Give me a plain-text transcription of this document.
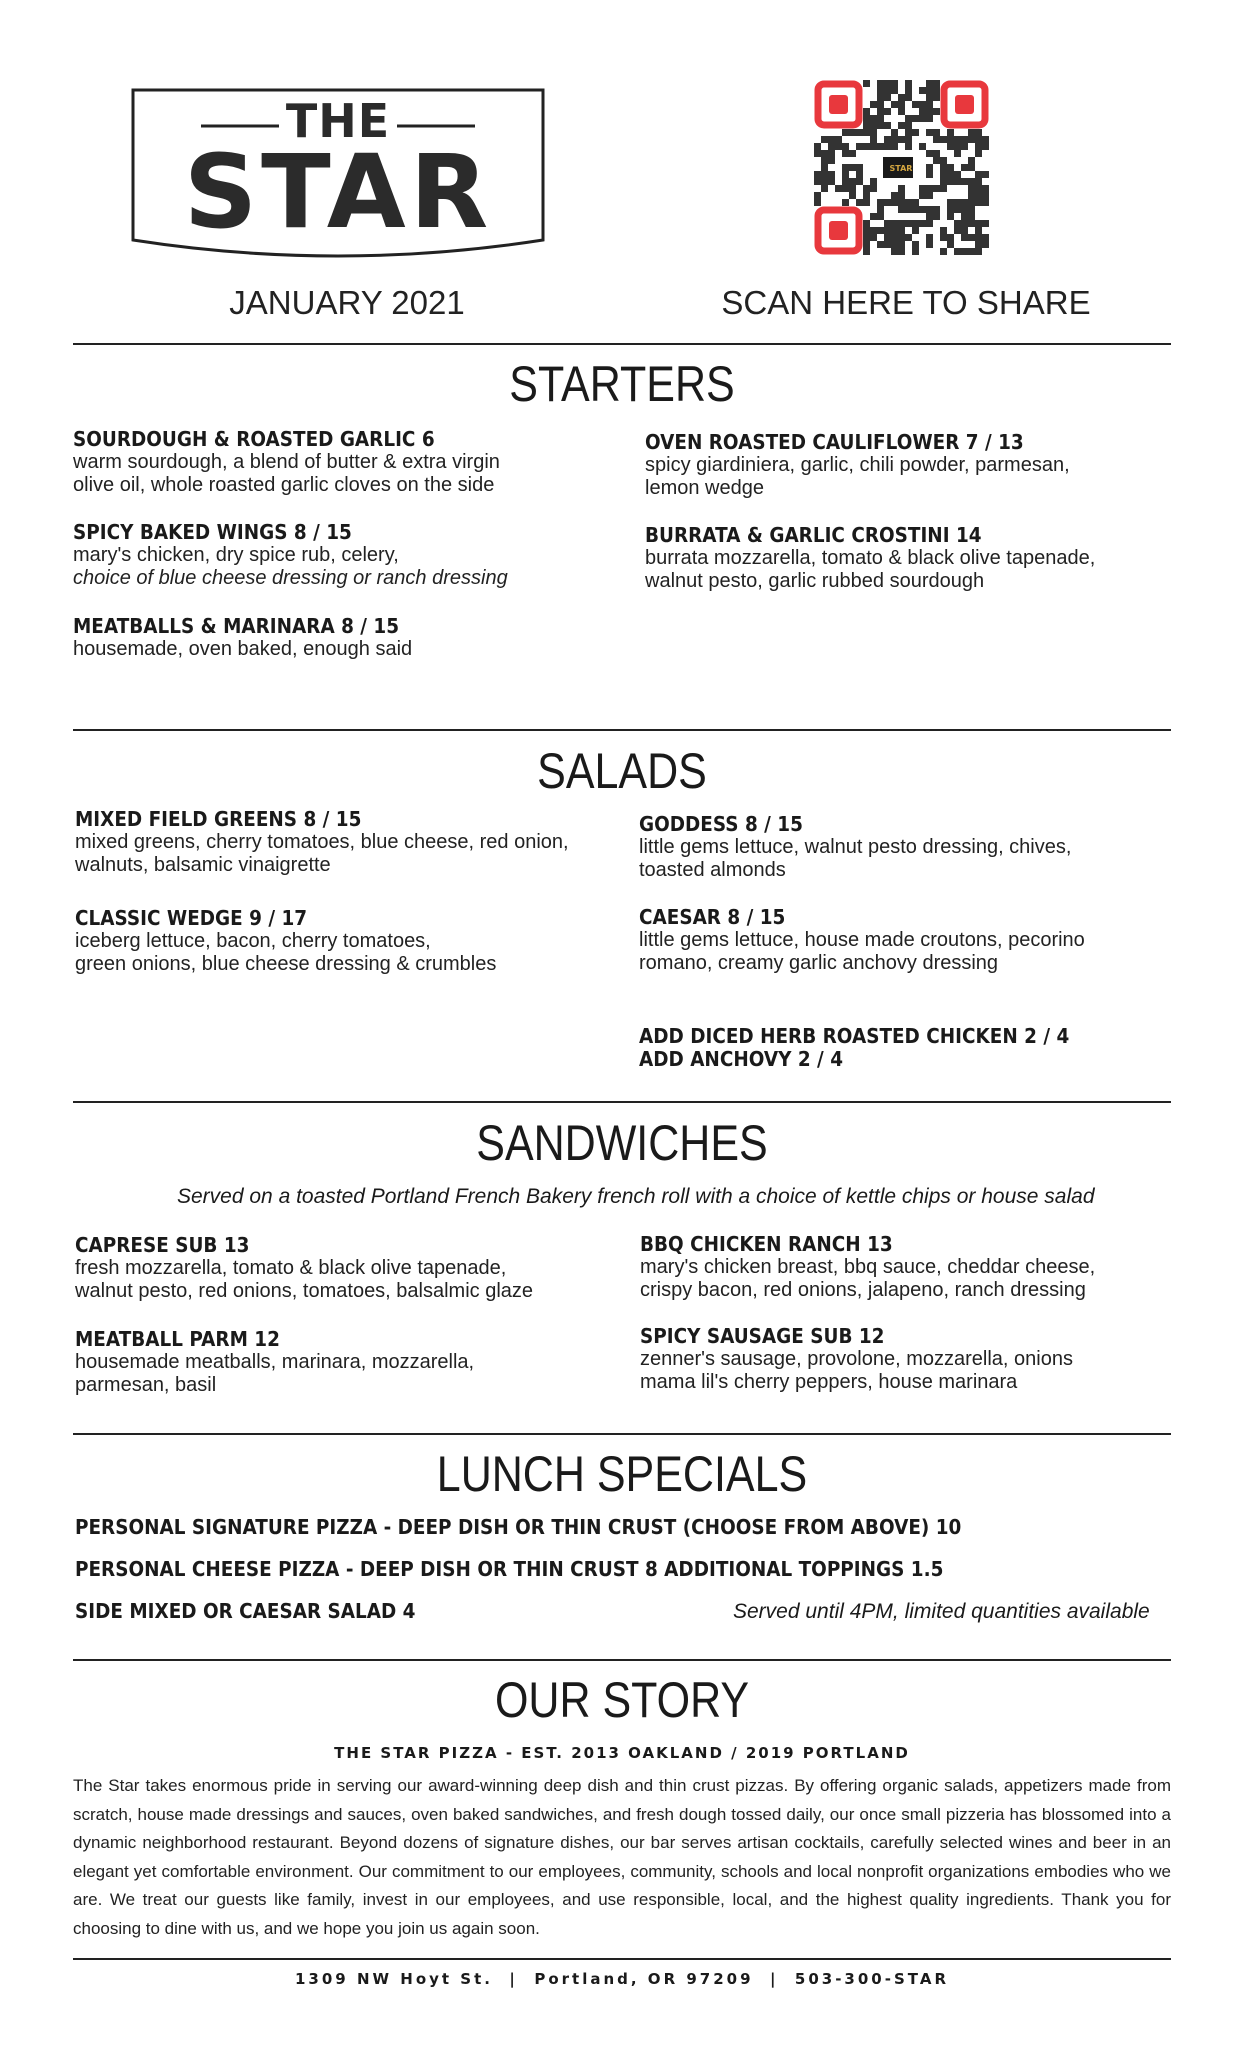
THE
STAR
JANUARY 2021
STAR
SCAN HERE TO SHARE
STARTERS
SOURDOUGH & ROASTED GARLIC 6
warm sourdough, a blend of butter & extra virgin
olive oil, whole roasted garlic cloves on the side
SPICY BAKED WINGS 8 / 15
mary's chicken, dry spice rub, celery,
choice of blue cheese dressing or ranch dressing
MEATBALLS & MARINARA 8 / 15
housemade, oven baked, enough said
OVEN ROASTED CAULIFLOWER 7 / 13
spicy giardiniera, garlic, chili powder, parmesan,
lemon wedge
BURRATA & GARLIC CROSTINI 14
burrata mozzarella, tomato & black olive tapenade,
walnut pesto, garlic rubbed sourdough
SALADS
MIXED FIELD GREENS 8 / 15
mixed greens, cherry tomatoes, blue cheese, red onion,
walnuts, balsamic vinaigrette
CLASSIC WEDGE 9 / 17
iceberg lettuce, bacon, cherry tomatoes,
green onions, blue cheese dressing & crumbles
GODDESS 8 / 15
little gems lettuce, walnut pesto dressing, chives,
toasted almonds
CAESAR 8 / 15
little gems lettuce, house made croutons, pecorino
romano, creamy garlic anchovy dressing
ADD DICED HERB ROASTED CHICKEN 2 / 4
ADD ANCHOVY 2 / 4
SANDWICHES
Served on a toasted Portland French Bakery french roll with a choice of kettle chips or house salad
CAPRESE SUB 13
fresh mozzarella, tomato & black olive tapenade,
walnut pesto, red onions, tomatoes, balsalmic glaze
MEATBALL PARM 12
housemade meatballs, marinara, mozzarella,
parmesan, basil
BBQ CHICKEN RANCH 13
mary's chicken breast, bbq sauce, cheddar cheese,
crispy bacon, red onions, jalapeno, ranch dressing
SPICY SAUSAGE SUB 12
zenner's sausage, provolone, mozzarella, onions
mama lil's cherry peppers, house marinara
LUNCH SPECIALS
PERSONAL SIGNATURE PIZZA - DEEP DISH OR THIN CRUST (CHOOSE FROM ABOVE) 10
PERSONAL CHEESE PIZZA - DEEP DISH OR THIN CRUST 8 ADDITIONAL TOPPINGS 1.5
SIDE MIXED OR CAESAR SALAD 4	Served until 4PM, limited quantities available
OUR STORY
THE STAR PIZZA - EST. 2013 OAKLAND / 2019 PORTLAND
The Star takes enormous pride in serving our award-winning deep dish and thin crust pizzas. By offering organic salads, appetizers made from scratch, house made dressings and sauces, oven baked sandwiches, and fresh dough tossed daily, our once small pizzeria has blossomed into a dynamic neighborhood restaurant. Beyond dozens of signature dishes, our bar serves artisan cocktails, carefully selected wines and beer in an elegant yet comfortable environment. Our commitment to our employees, community, schools and local nonprofit organizations embodies who we are. We treat our guests like family, invest in our employees, and use responsible, local, and the highest quality ingredients. Thank you for choosing to dine with us, and we hope you join us again soon.
1309 NW Hoyt St.  |  Portland, OR 97209  |  503-300-STAR
